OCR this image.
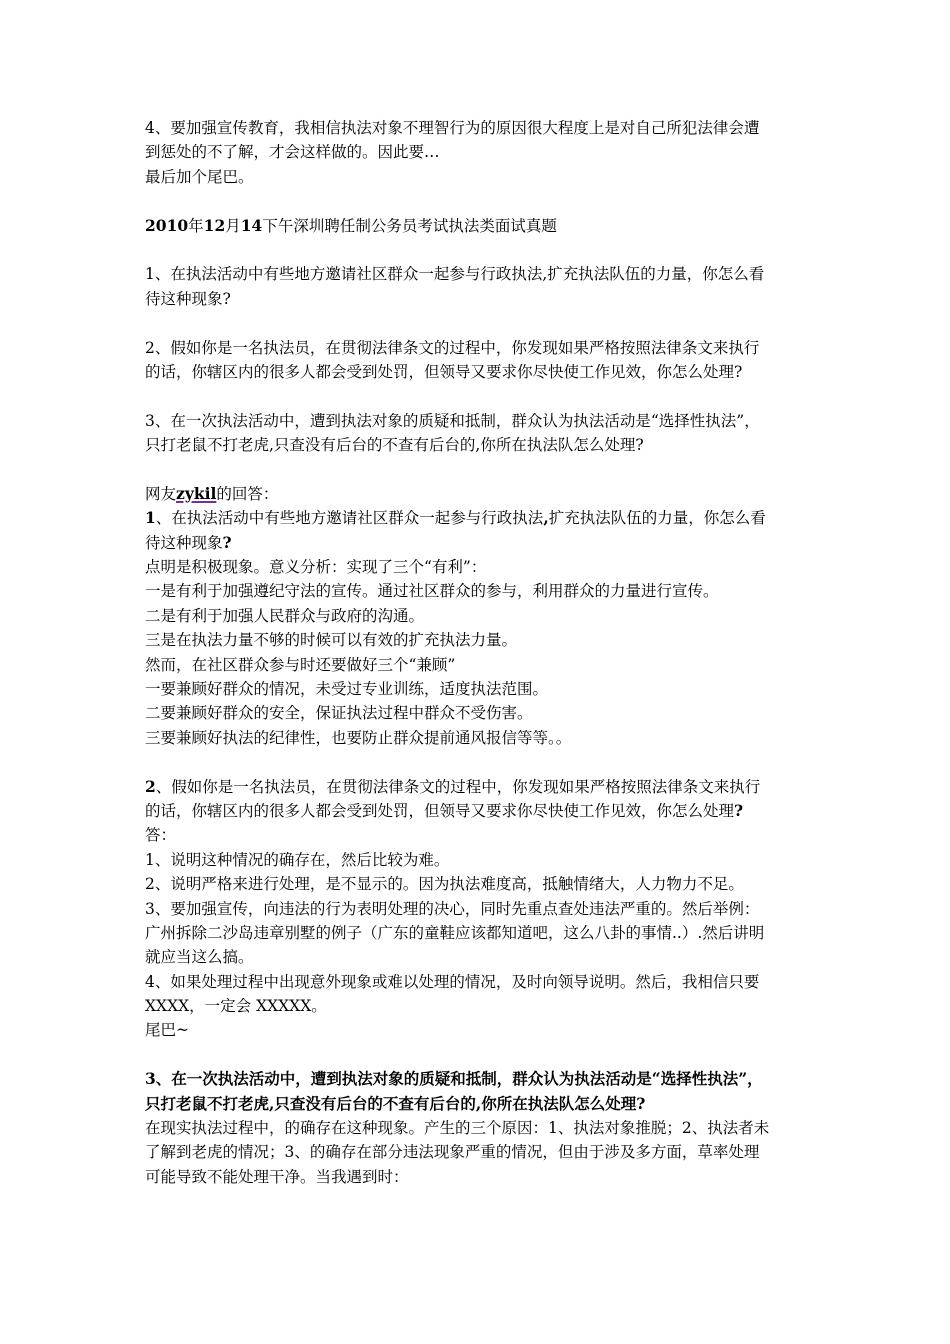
4、要加强宣传教育，我相信执法对象不理智行为的原因很大程度上是对自己所犯法律会遭
到惩处的不了解，才会这样做的。因此要…
最后加个尾巴。
2010年12月14下午深圳聘任制公务员考试执法类面试真题
1、在执法活动中有些地方邀请社区群众一起参与行政执法,扩充执法队伍的力量，你怎么看
待这种现象?
2、假如你是一名执法员，在贯彻法律条文的过程中，你发现如果严格按照法律条文来执行
的话，你辖区内的很多人都会受到处罚，但领导又要求你尽快使工作见效，你怎么处理?
3、在一次执法活动中，遭到执法对象的质疑和抵制，群众认为执法活动是“选择性执法”，
只打老鼠不打老虎,只查没有后台的不查有后台的,你所在执法队怎么处理?
网友zykil的回答：
1、在执法活动中有些地方邀请社区群众一起参与行政执法,扩充执法队伍的力量，你怎么看
待这种现象?
点明是积极现象。意义分析：实现了三个“有利”：
一是有利于加强遵纪守法的宣传。通过社区群众的参与，利用群众的力量进行宣传。
二是有利于加强人民群众与政府的沟通。
三是在执法力量不够的时候可以有效的扩充执法力量。
然而，在社区群众参与时还要做好三个“兼顾”
一要兼顾好群众的情况，未受过专业训练，适度执法范围。
二要兼顾好群众的安全，保证执法过程中群众不受伤害。
三要兼顾好执法的纪律性，也要防止群众提前通风报信等等。。
2、假如你是一名执法员，在贯彻法律条文的过程中，你发现如果严格按照法律条文来执行
的话，你辖区内的很多人都会受到处罚，但领导又要求你尽快使工作见效，你怎么处理?
答：
1、说明这种情况的确存在，然后比较为难。
2、说明严格来进行处理，是不显示的。因为执法难度高，抵触情绪大，人力物力不足。
3、要加强宣传，向违法的行为表明处理的决心，同时先重点查处违法严重的。然后举例：
广州拆除二沙岛违章别墅的例子（广东的童鞋应该都知道吧，这么八卦的事情..）.然后讲明
就应当这么搞。
4、如果处理过程中出现意外现象或难以处理的情况，及时向领导说明。然后，我相信只要
XXXX，一定会 XXXXX。
尾巴~
3、在一次执法活动中，遭到执法对象的质疑和抵制，群众认为执法活动是“选择性执法”，
只打老鼠不打老虎,只查没有后台的不查有后台的,你所在执法队怎么处理?
在现实执法过程中，的确存在这种现象。产生的三个原因：1、执法对象推脱；2、执法者未
了解到老虎的情况；3、的确存在部分违法现象严重的情况，但由于涉及多方面，草率处理
可能导致不能处理干净。当我遇到时：
